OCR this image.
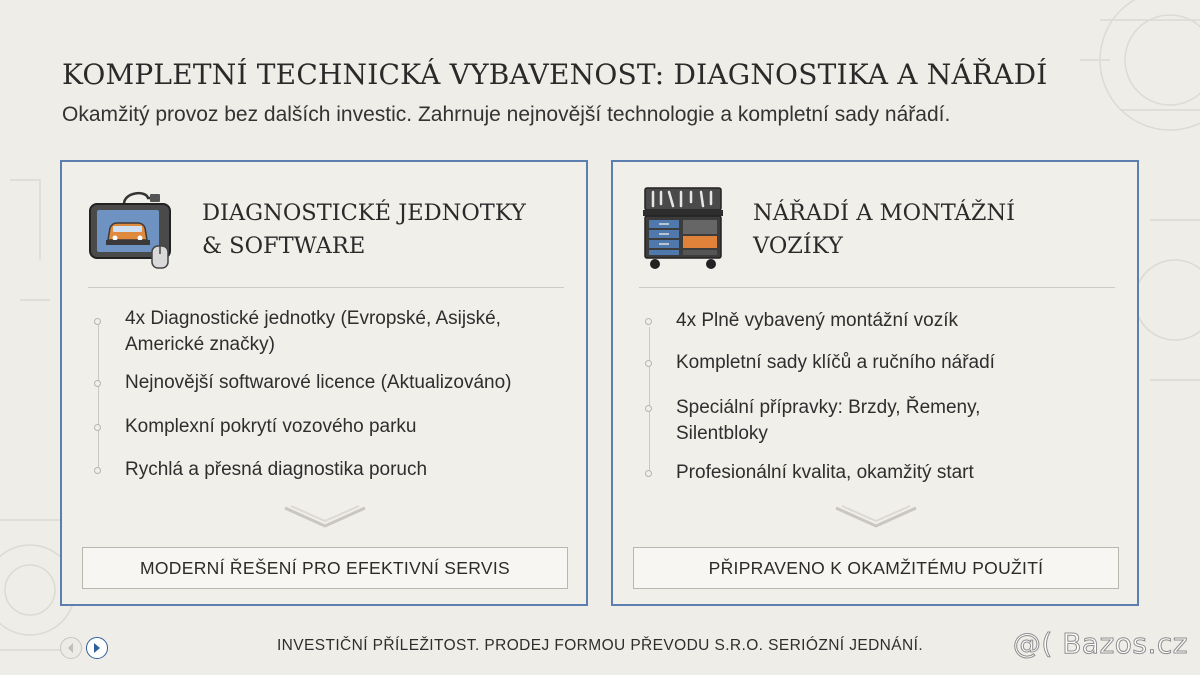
KOMPLETNÍ TECHNICKÁ VYBAVENOST: DIAGNOSTIKA A NÁŘADÍ

Okamžitý provoz bez dalších investic. Zahrnuje nejnovější technologie a kompletní sady nářadí.

DIAGNOSTICKÉ JEDNOTKY
& SOFTWARE
4x Diagnostické jednotky (Evropské, Asijské, Americké značky)
Nejnovější softwarové licence (Aktualizováno)
Komplexní pokrytí vozového parku
Rychlá a přesná diagnostika poruch
MODERNÍ ŘEŠENÍ PRO EFEKTIVNÍ SERVIS
NÁŘADÍ A MONTÁŽNÍ
VOZÍKY
4x Plně vybavený montážní vozík
Kompletní sady klíčů a ručního nářadí
Speciální přípravky: Brzdy, Řemeny, Silentbloky
Profesionální kvalita, okamžitý start
PŘIPRAVENO K OKAMŽITÉMU POUŽITÍ
INVESTIČNÍ PŘÍLEŽITOST. PRODEJ FORMOU PŘEVODU S.R.O. SERIÓZNÍ JEDNÁNÍ.	@( Bazos.cz
